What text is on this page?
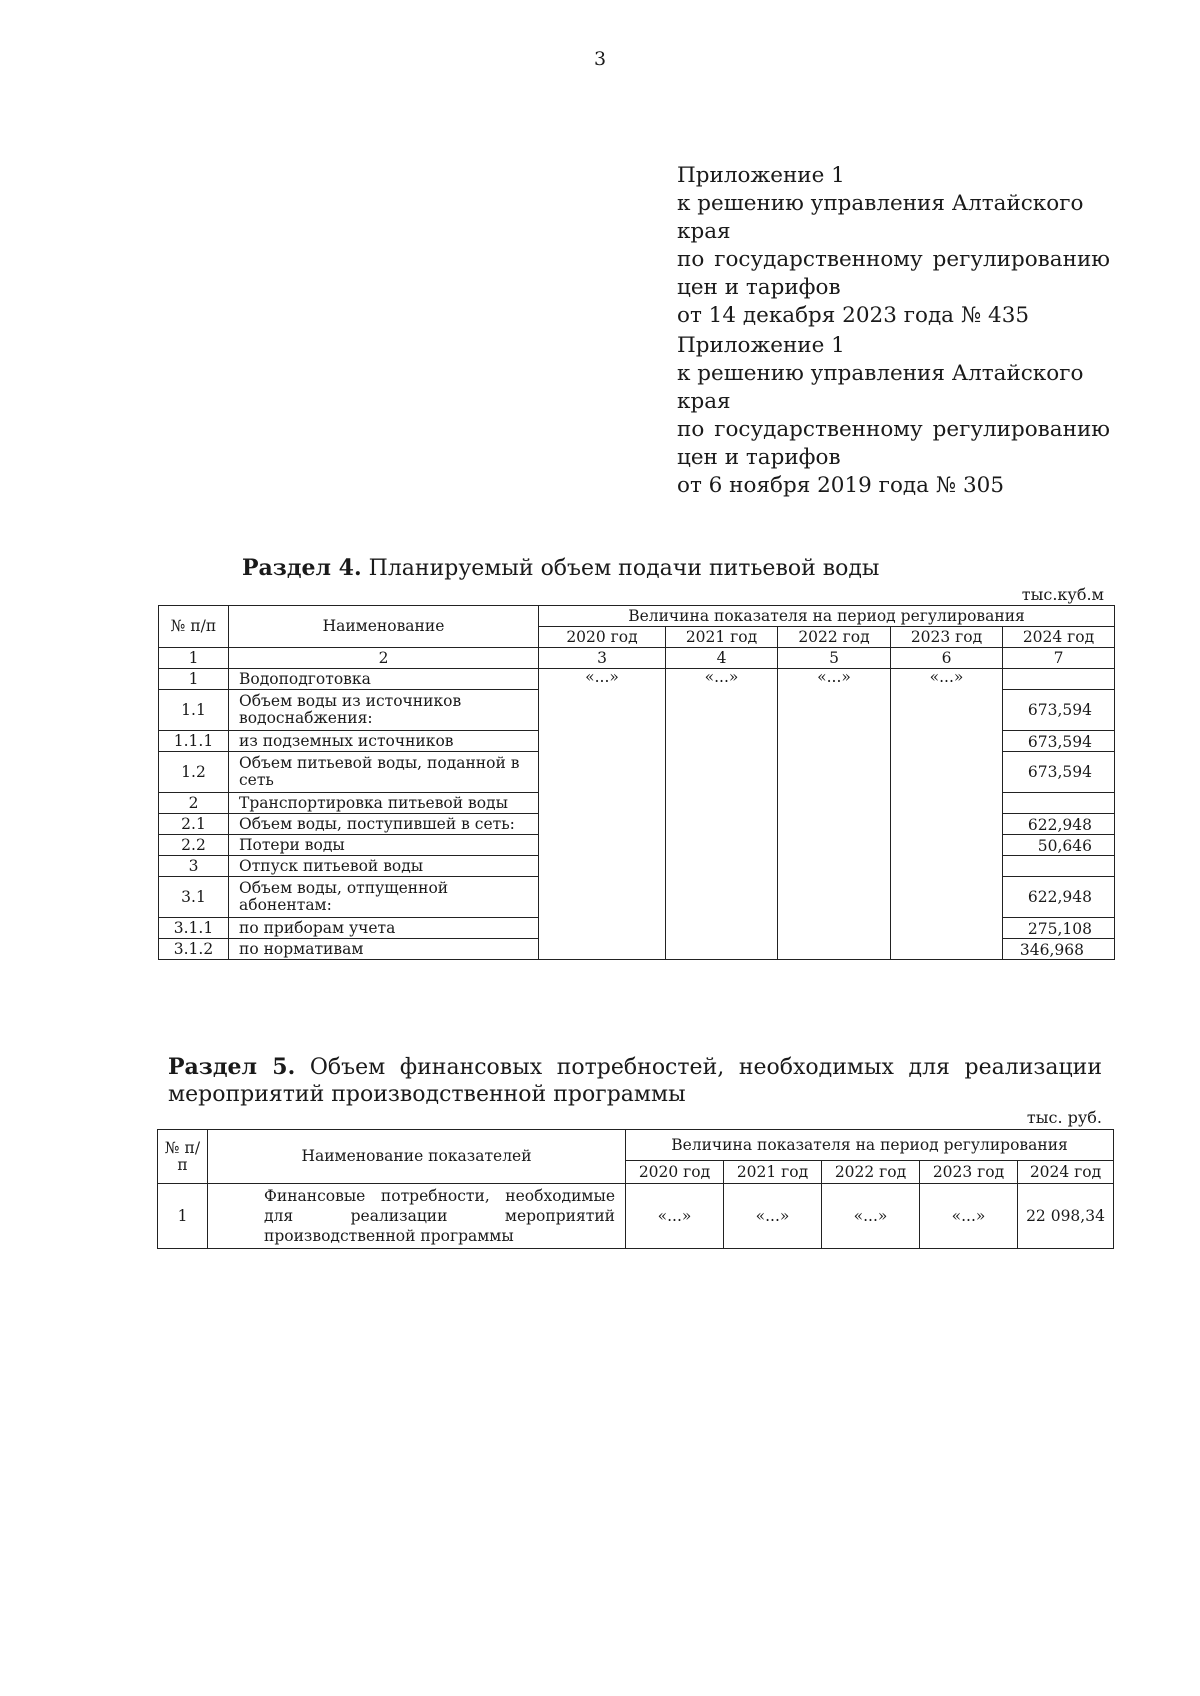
3
Приложение 1
к решению управления Алтайского края
по государственному регулированию
цен и тарифов
от 14 декабря 2023 года № 435
Приложение 1
к решению управления Алтайского края
по государственному регулированию
цен и тарифов
от 6 ноября 2019 года № 305
Раздел 4. Планируемый объем подачи питьевой воды
тыс.куб.м
№ п/п	Наименование	Величина показателя на период регулирования				
		2020 год	2021 год	2022 год	2023 год	2024 год
1	2	3	4	5	6	7
1	Водоподготовка	«...»	«...»	«...»	«...»	
1.1	Объем воды из источников водоснабжения:					673,594
1.1.1	из подземных источников					673,594
1.2	Объем питьевой воды, поданной в сеть					673,594
2	Транспортировка питьевой воды					
2.1	Объем воды, поступившей в сеть:					622,948
2.2	Потери воды					50,646
3	Отпуск питьевой воды					
3.1	Объем воды, отпущенной абонентам:					622,948
3.1.1	по приборам учета					275,108
3.1.2	по нормативам					346,968
Раздел 5. Объем финансовых потребностей, необходимых для реализации мероприятий производственной программы
тыс. руб.
№ п/п	Наименование показателей	Величина показателя на период регулирования				
		2020 год	2021 год	2022 год	2023 год	2024 год
1	Финансовые потребности, необходимые для реализации мероприятий производственной программы	«...»	«...»	«...»	«...»	22 098,34
